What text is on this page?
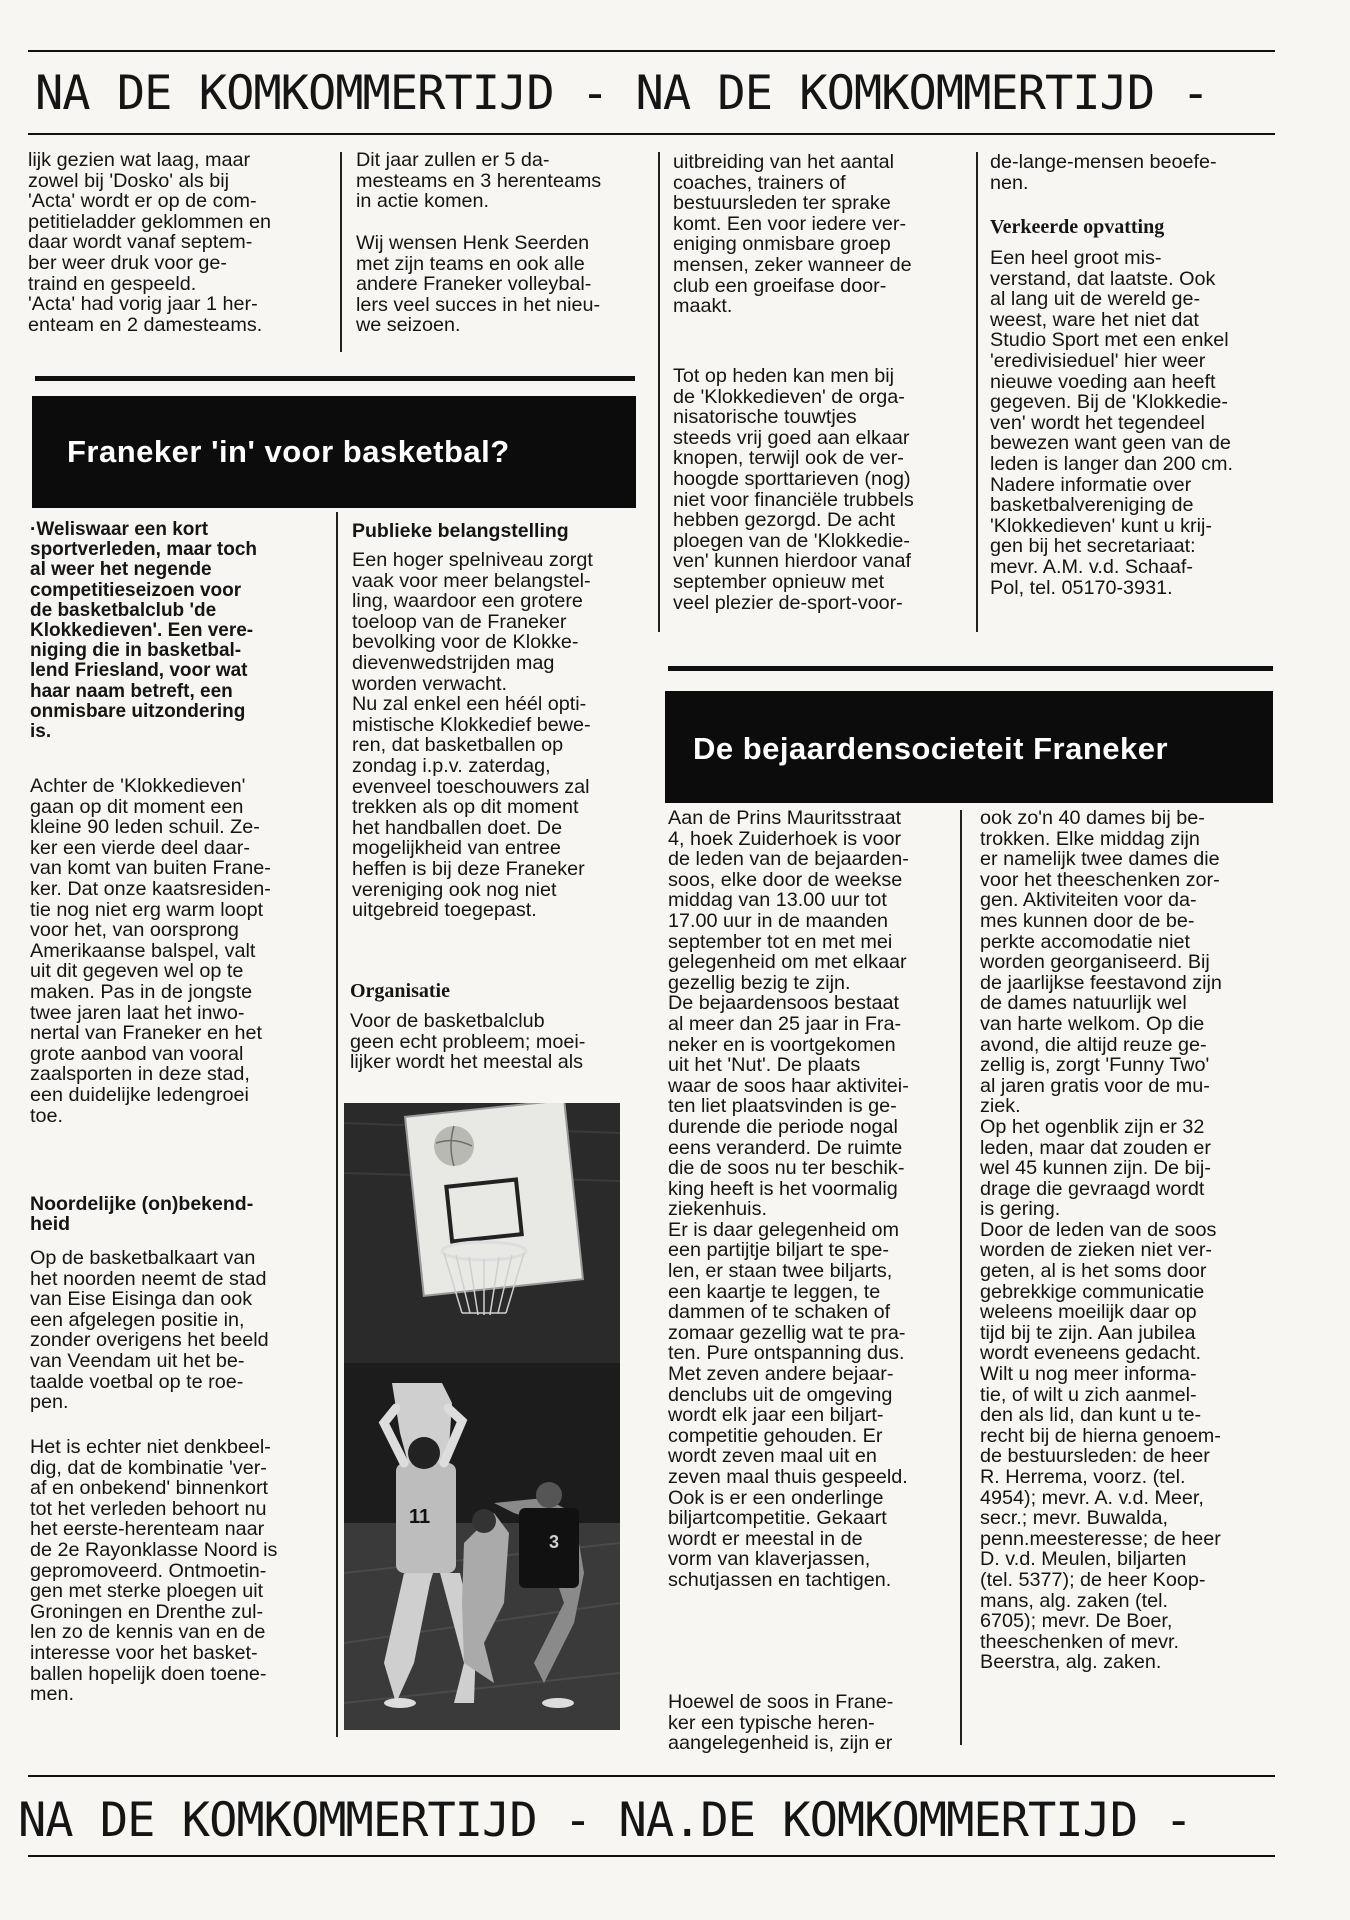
NA DE KOMKOMMERTIJD - NA DE KOMKOMMERTIJD -
lijk gezien wat laag, maar
zowel bij 'Dosko' als bij
'Acta' wordt er op de com-
petitieladder geklommen en
daar wordt vanaf septem-
ber weer druk voor ge-
traind en gespeeld.
'Acta' had vorig jaar 1 her-
enteam en 2 damesteams.
Dit jaar zullen er 5 da-
mesteams en 3 herenteams
in actie komen.
Wij wensen Henk Seerden
met zijn teams en ook alle
andere Franeker volleybal-
lers veel succes in het nieu-
we seizoen.
Franeker 'in' voor basketbal?
·Weliswaar een kort
sportverleden, maar toch
al weer het negende
competitieseizoen voor
de basketbalclub 'de
Klokkedieven'. Een vere-
niging die in basketbal-
lend Friesland, voor wat
haar naam betreft, een
onmisbare uitzondering
is.
Achter de 'Klokkedieven'
gaan op dit moment een
kleine 90 leden schuil. Ze-
ker een vierde deel daar-
van komt van buiten Frane-
ker. Dat onze kaatsresiden-
tie nog niet erg warm loopt
voor het, van oorsprong
Amerikaanse balspel, valt
uit dit gegeven wel op te
maken. Pas in de jongste
twee jaren laat het inwo-
nertal van Franeker en het
grote aanbod van vooral
zaalsporten in deze stad,
een duidelijke ledengroei
toe.
Noordelijke (on)bekend-
heid
Op de basketbalkaart van
het noorden neemt de stad
van Eise Eisinga dan ook
een afgelegen positie in,
zonder overigens het beeld
van Veendam uit het be-
taalde voetbal op te roe-
pen.
Het is echter niet denkbeel-
dig, dat de kombinatie 'ver-
af en onbekend' binnenkort
tot het verleden behoort nu
het eerste-herenteam naar
de 2e Rayonklasse Noord is
gepromoveerd. Ontmoetin-
gen met sterke ploegen uit
Groningen en Drenthe zul-
len zo de kennis van en de
interesse voor het basket-
ballen hopelijk doen toene-
men.
Publieke belangstelling
Een hoger spelniveau zorgt
vaak voor meer belangstel-
ling, waardoor een grotere
toeloop van de Franeker
bevolking voor de Klokke-
dievenwedstrijden mag
worden verwacht.
Nu zal enkel een héél opti-
mistische Klokkedief bewe-
ren, dat basketballen op
zondag i.p.v. zaterdag,
evenveel toeschouwers zal
trekken als op dit moment
het handballen doet. De
mogelijkheid van entree
heffen is bij deze Franeker
vereniging ook nog niet
uitgebreid toegepast.
Organisatie
Voor de basketbalclub
geen echt probleem; moei-
lijker wordt het meestal als
11
3
uitbreiding van het aantal
coaches, trainers of
bestuursleden ter sprake
komt. Een voor iedere ver-
eniging onmisbare groep
mensen, zeker wanneer de
club een groeifase door-
maakt.
Tot op heden kan men bij
de 'Klokkedieven' de orga-
nisatorische touwtjes
steeds vrij goed aan elkaar
knopen, terwijl ook de ver-
hoogde sporttarieven (nog)
niet voor financiële trubbels
hebben gezorgd. De acht
ploegen van de 'Klokkedie-
ven' kunnen hierdoor vanaf
september opnieuw met
veel plezier de-sport-voor-
de-lange-mensen beoefe-
nen.
Verkeerde opvatting
Een heel groot mis-
verstand, dat laatste. Ook
al lang uit de wereld ge-
weest, ware het niet dat
Studio Sport met een enkel
'eredivisieduel' hier weer
nieuwe voeding aan heeft
gegeven. Bij de 'Klokkedie-
ven' wordt het tegendeel
bewezen want geen van de
leden is langer dan 200 cm.
Nadere informatie over
basketbalvereniging de
'Klokkedieven' kunt u krij-
gen bij het secretariaat:
mevr. A.M. v.d. Schaaf-
Pol, tel. 05170-3931.
De bejaardensocieteit Franeker
Aan de Prins Mauritsstraat
4, hoek Zuiderhoek is voor
de leden van de bejaarden-
soos, elke door de weekse
middag van 13.00 uur tot
17.00 uur in de maanden
september tot en met mei
gelegenheid om met elkaar
gezellig bezig te zijn.
De bejaardensoos bestaat
al meer dan 25 jaar in Fra-
neker en is voortgekomen
uit het 'Nut'. De plaats
waar de soos haar aktivitei-
ten liet plaatsvinden is ge-
durende die periode nogal
eens veranderd. De ruimte
die de soos nu ter beschik-
king heeft is het voormalig
ziekenhuis.
Er is daar gelegenheid om
een partijtje biljart te spe-
len, er staan twee biljarts,
een kaartje te leggen, te
dammen of te schaken of
zomaar gezellig wat te pra-
ten. Pure ontspanning dus.
Met zeven andere bejaar-
denclubs uit de omgeving
wordt elk jaar een biljart-
competitie gehouden. Er
wordt zeven maal uit en
zeven maal thuis gespeeld.
Ook is er een onderlinge
biljartcompetitie. Gekaart
wordt er meestal in de
vorm van klaverjassen,
schutjassen en tachtigen.
Hoewel de soos in Frane-
ker een typische heren-
aangelegenheid is, zijn er
ook zo'n 40 dames bij be-
trokken. Elke middag zijn
er namelijk twee dames die
voor het theeschenken zor-
gen. Aktiviteiten voor da-
mes kunnen door de be-
perkte accomodatie niet
worden georganiseerd. Bij
de jaarlijkse feestavond zijn
de dames natuurlijk wel
van harte welkom. Op die
avond, die altijd reuze ge-
zellig is, zorgt 'Funny Two'
al jaren gratis voor de mu-
ziek.
Op het ogenblik zijn er 32
leden, maar dat zouden er
wel 45 kunnen zijn. De bij-
drage die gevraagd wordt
is gering.
Door de leden van de soos
worden de zieken niet ver-
geten, al is het soms door
gebrekkige communicatie
weleens moeilijk daar op
tijd bij te zijn. Aan jubilea
wordt eveneens gedacht.
Wilt u nog meer informa-
tie, of wilt u zich aanmel-
den als lid, dan kunt u te-
recht bij de hierna genoem-
de bestuursleden: de heer
R. Herrema, voorz. (tel.
4954); mevr. A. v.d. Meer,
secr.; mevr. Buwalda,
penn.meesteresse; de heer
D. v.d. Meulen, biljarten
(tel. 5377); de heer Koop-
mans, alg. zaken (tel.
6705); mevr. De Boer,
theeschenken of mevr.
Beerstra, alg. zaken.
NA DE KOMKOMMERTIJD - NA.DE KOMKOMMERTIJD -
